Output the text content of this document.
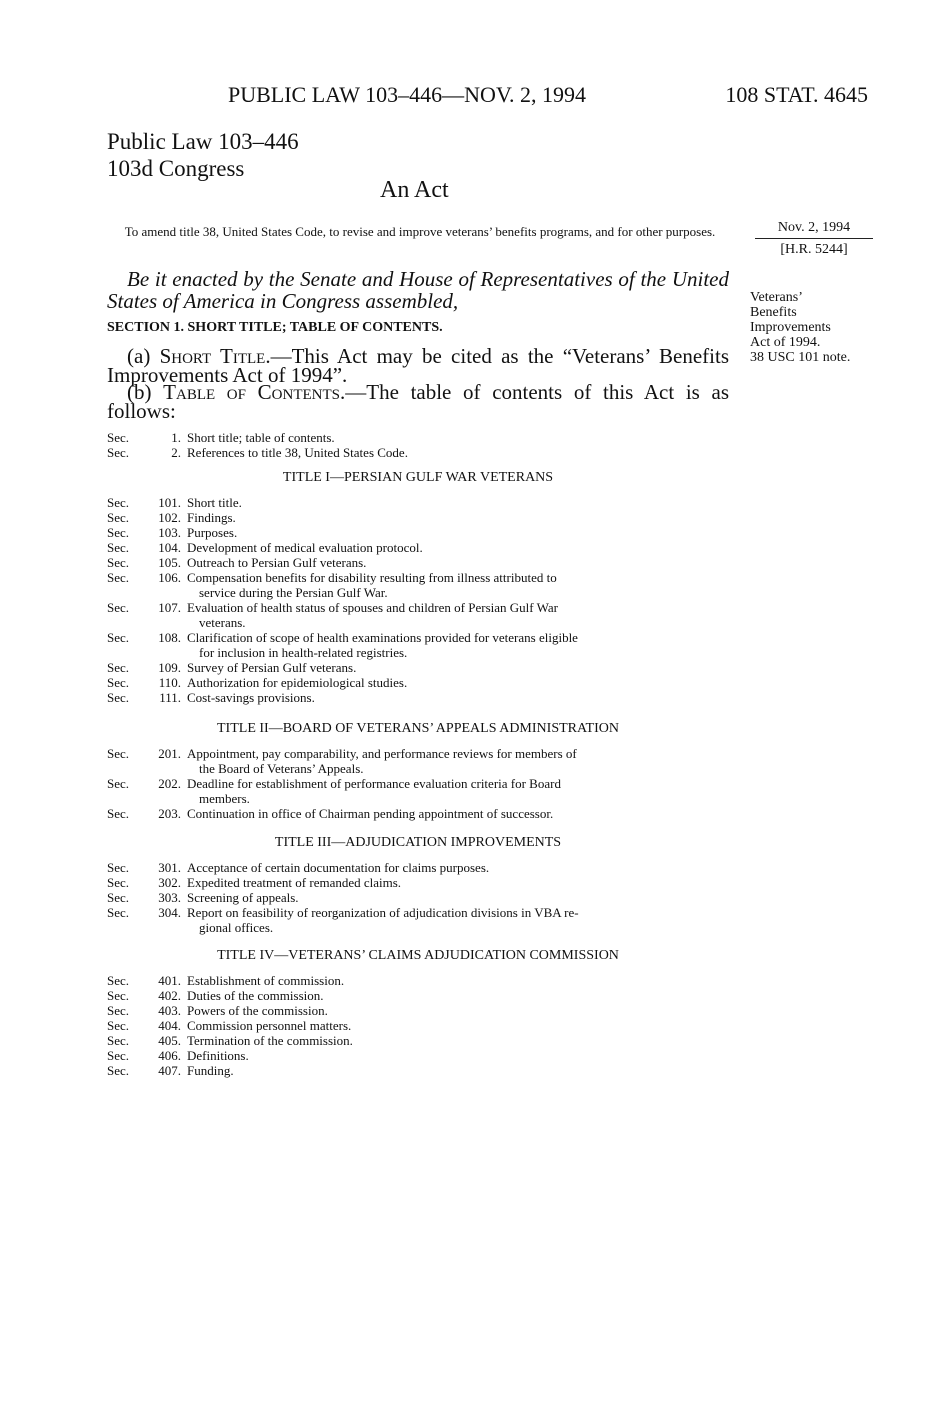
PUBLIC LAW 103–446—NOV. 2, 1994	108 STAT. 4645
Public Law 103–446
103d Congress
An Act
To amend title 38, United States Code, to revise and improve veterans’ benefits programs, and for other purposes.	Nov. 2, 1994
[H.R. 5244]
Veterans’
Benefits
Improvements
Act of 1994.
38 USC 101 note.
Be it enacted by the Senate and House of Representatives of the United States of America in Congress assembled,
SECTION 1. SHORT TITLE; TABLE OF CONTENTS.
(a) Short Title.—This Act may be cited as the “Veterans’ Benefits Improvements Act of 1994”.
(b) Table of Contents.—The table of contents of this Act is as follows:
Sec.	1. Short title; table of contents.
Sec.	2. References to title 38, United States Code.
TITLE I—PERSIAN GULF WAR VETERANS
Sec.	101. Short title.
Sec.	102. Findings.
Sec.	103. Purposes.
Sec.	104. Development of medical evaluation protocol.
Sec.	105. Outreach to Persian Gulf veterans.
Sec.	106. Compensation benefits for disability resulting from illness attributed to
service during the Persian Gulf War.
Sec.	107. Evaluation of health status of spouses and children of Persian Gulf War
veterans.
Sec.	108. Clarification of scope of health examinations provided for veterans eligible
for inclusion in health-related registries.
Sec.	109. Survey of Persian Gulf veterans.
Sec.	110. Authorization for epidemiological studies.
Sec.	111. Cost-savings provisions.
TITLE II—BOARD OF VETERANS’ APPEALS ADMINISTRATION
Sec.	201. Appointment, pay comparability, and performance reviews for members of
the Board of Veterans’ Appeals.
Sec.	202. Deadline for establishment of performance evaluation criteria for Board
members.
Sec.	203. Continuation in office of Chairman pending appointment of successor.
TITLE III—ADJUDICATION IMPROVEMENTS
Sec.	301. Acceptance of certain documentation for claims purposes.
Sec.	302. Expedited treatment of remanded claims.
Sec.	303. Screening of appeals.
Sec.	304. Report on feasibility of reorganization of adjudication divisions in VBA re-
gional offices.
TITLE IV—VETERANS’ CLAIMS ADJUDICATION COMMISSION
Sec.	401. Establishment of commission.
Sec.	402. Duties of the commission.
Sec.	403. Powers of the commission.
Sec.	404. Commission personnel matters.
Sec.	405. Termination of the commission.
Sec.	406. Definitions.
Sec.	407. Funding.
